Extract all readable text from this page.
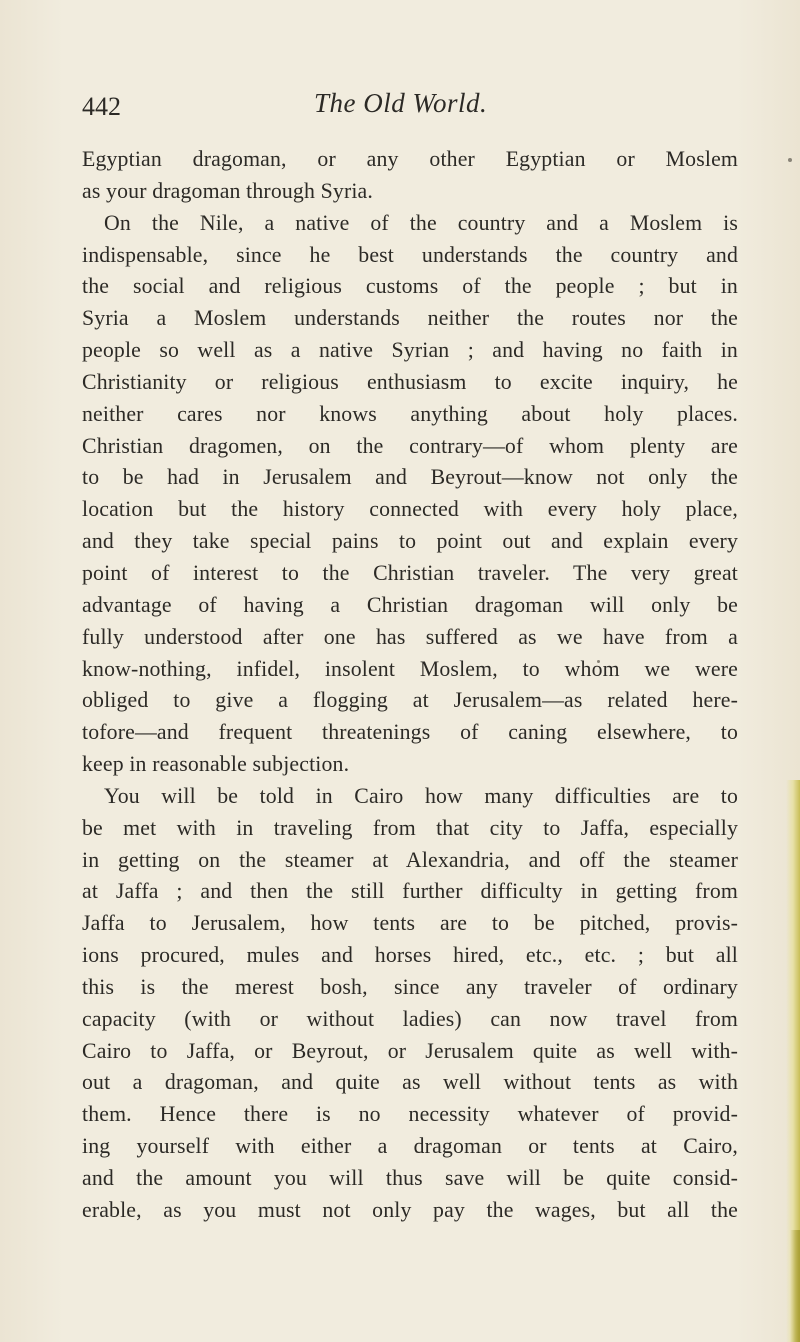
442	The Old World.
Egyptian dragoman, or any other Egyptian or Moslem
as your dragoman through Syria.
On the Nile, a native of the country and a Moslem is
indispensable, since he best understands the country and
the social and religious customs of the people ; but in
Syria a Moslem understands neither the routes nor the
people so well as a native Syrian ; and having no faith in
Christianity or religious enthusiasm to excite inquiry, he
neither cares nor knows anything about holy places.
Christian dragomen, on the contrary—of whom plenty are
to be had in Jerusalem and Beyrout—know not only the
location but the history connected with every holy place,
and they take special pains to point out and explain every
point of interest to the Christian traveler. The very great
advantage of having a Christian dragoman will only be
fully understood after one has suffered as we have from a
know-nothing, infidel, insolent Moslem, to whom we were
obliged to give a flogging at Jerusalem—as related here-
tofore—and frequent threatenings of caning elsewhere, to
keep in reasonable subjection.
You will be told in Cairo how many difficulties are to
be met with in traveling from that city to Jaffa, especially
in getting on the steamer at Alexandria, and off the steamer
at Jaffa ; and then the still further difficulty in getting from
Jaffa to Jerusalem, how tents are to be pitched, provis-
ions procured, mules and horses hired, etc., etc. ; but all
this is the merest bosh, since any traveler of ordinary
capacity (with or without ladies) can now travel from
Cairo to Jaffa, or Beyrout, or Jerusalem quite as well with-
out a dragoman, and quite as well without tents as with
them. Hence there is no necessity whatever of provid-
ing yourself with either a dragoman or tents at Cairo,
and the amount you will thus save will be quite consid-
erable, as you must not only pay the wages, but all the
